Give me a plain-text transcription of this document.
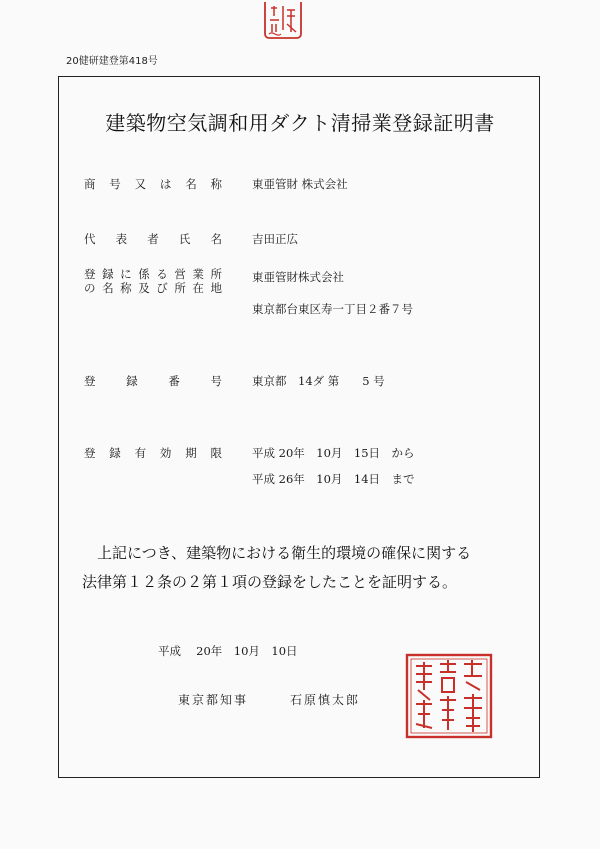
20健研建登第418号
建築物空気調和用ダクト清掃業登録証明書
商号又は名称	東亜管財 株式会社
代表者氏名	吉田正広
登録に係る営業所
の名称及び所在地
東亜管財株式会社
東京都台東区寿一丁目２番７号
登録番号	東京都　14ダ 第　　5 号
登録有効期限	平成 20年　10月　15日　から
平成 26年　10月　14日　まで
上記につき、建築物における衛生的環境の確保に関する
法律第１２条の２第１項の登録をしたことを証明する。
平成　 20年　10月　10日
東京都知事　　　	石原慎太郎
